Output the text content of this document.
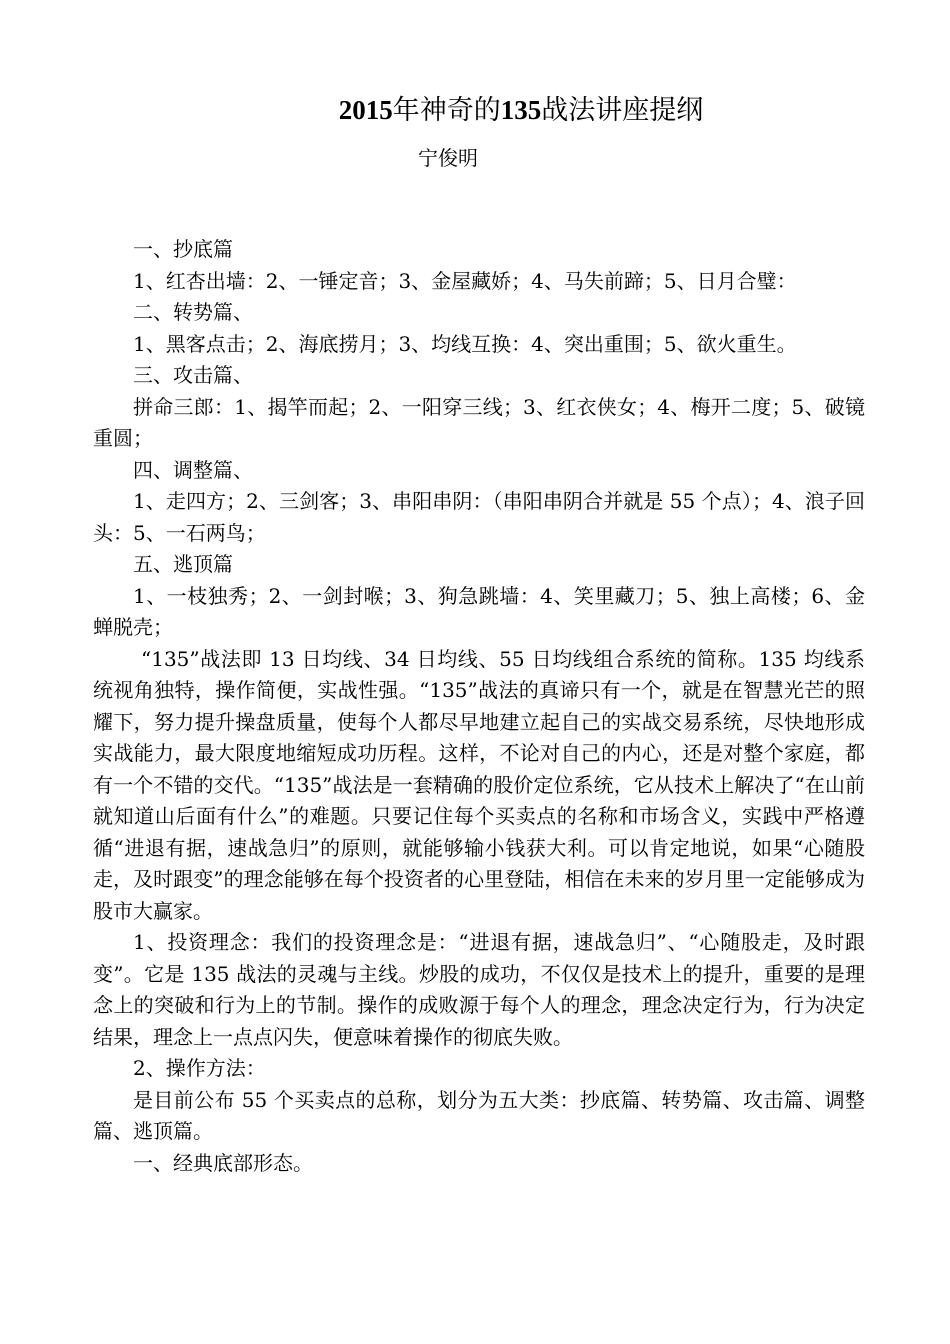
2015年神奇的135战法讲座提纲
宁俊明

一、抄底篇

1、红杏出墙：2、一锤定音；3、金屋藏娇；4、马失前蹄；5、日月合璧：

二、转势篇、

1、黑客点击；2、海底捞月；3、均线互换：4、突出重围；5、欲火重生。

三、攻击篇、

拼命三郎：1、揭竿而起；2、一阳穿三线；3、红衣侠女；4、梅开二度；5、破镜重圆；

四、调整篇、

1、走四方；2、三剑客；3、串阳串阴：（串阳串阴合并就是 55 个点）；4、浪子回头：5、一石两鸟；

五、逃顶篇

1、一枝独秀；2、一剑封喉；3、狗急跳墙：4、笑里藏刀；5、独上高楼；6、金蝉脱壳；

“135”战法即 13 日均线、34 日均线、55 日均线组合系统的简称。135 均线系统视角独特，操作简便，实战性强。“135”战法的真谛只有一个，就是在智慧光芒的照耀下，努力提升操盘质量，使每个人都尽早地建立起自己的实战交易系统，尽快地形成实战能力，最大限度地缩短成功历程。这样，不论对自己的内心，还是对整个家庭，都有一个不错的交代。“135”战法是一套精确的股价定位系统，它从技术上解决了“在山前就知道山后面有什么”的难题。只要记住每个买卖点的名称和市场含义，实践中严格遵循“进退有据，速战急归”的原则，就能够输小钱获大利。可以肯定地说，如果“心随股走，及时跟变”的理念能够在每个投资者的心里登陆，相信在未来的岁月里一定能够成为股市大赢家。

1、投资理念：我们的投资理念是：“进退有据，速战急归”、“心随股走，及时跟变”。它是 135 战法的灵魂与主线。炒股的成功，不仅仅是技术上的提升，重要的是理念上的突破和行为上的节制。操作的成败源于每个人的理念，理念决定行为，行为决定结果，理念上一点点闪失，便意味着操作的彻底失败。

2、操作方法：

是目前公布 55 个买卖点的总称，划分为五大类：抄底篇、转势篇、攻击篇、调整篇、逃顶篇。

一、经典底部形态。
